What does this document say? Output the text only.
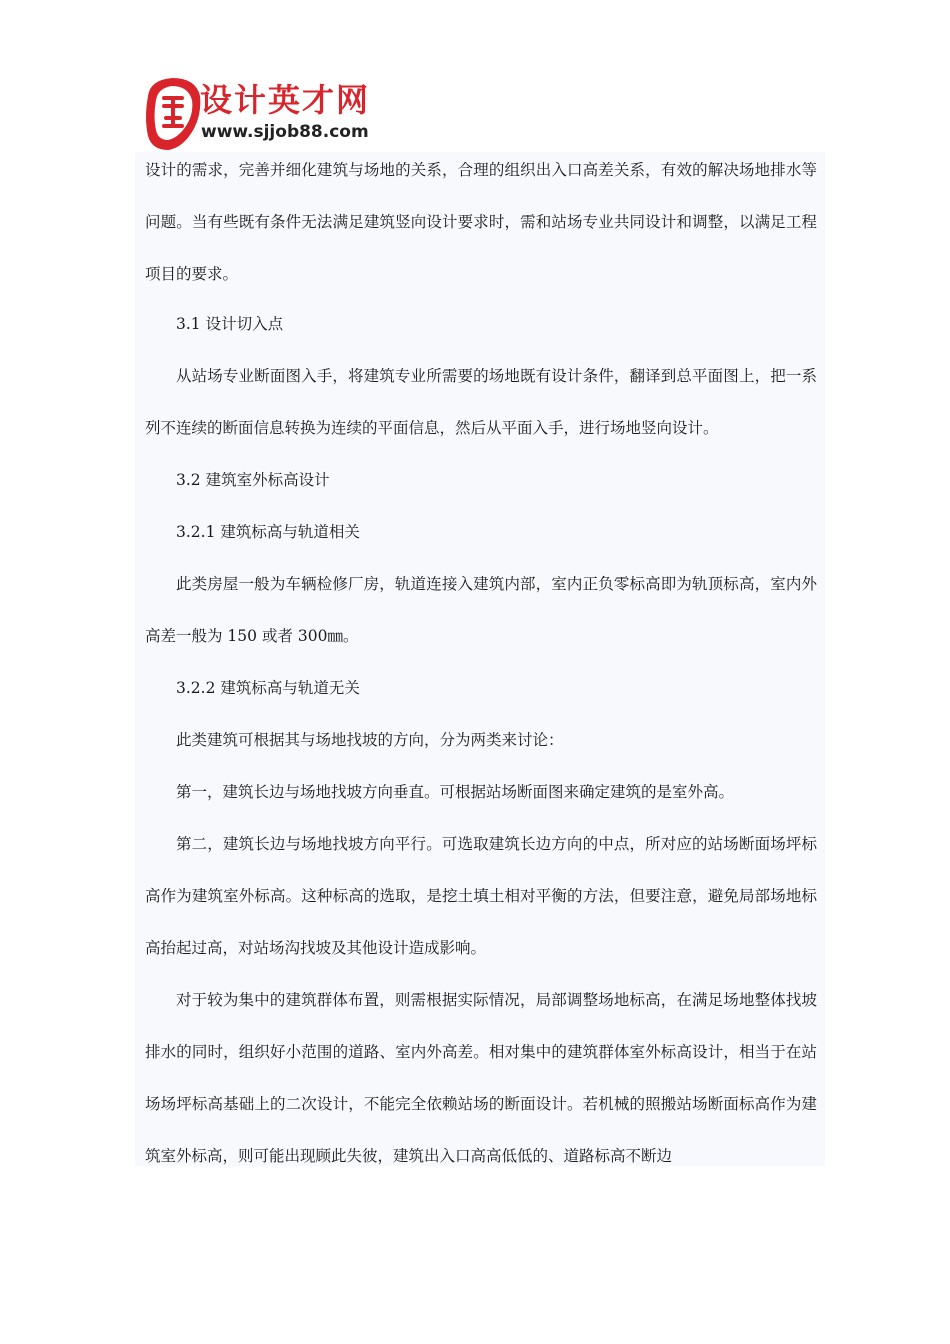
设计英才网
www.sjjob88.com

设计的需求，完善并细化建筑与场地的关系，合理的组织出入口高差关系，有效的解决场地排水等问题。当有些既有条件无法满足建筑竖向设计要求时，需和站场专业共同设计和调整，以满足工程项目的要求。

3.1 设计切入点

从站场专业断面图入手，将建筑专业所需要的场地既有设计条件，翻译到总平面图上，把一系列不连续的断面信息转换为连续的平面信息，然后从平面入手，进行场地竖向设计。

3.2 建筑室外标高设计

3.2.1 建筑标高与轨道相关

此类房屋一般为车辆检修厂房，轨道连接入建筑内部，室内正负零标高即为轨顶标高，室内外高差一般为 150 或者 300㎜。

3.2.2 建筑标高与轨道无关

此类建筑可根据其与场地找坡的方向，分为两类来讨论：

第一，建筑长边与场地找坡方向垂直。可根据站场断面图来确定建筑的是室外高。

第二，建筑长边与场地找坡方向平行。可选取建筑长边方向的中点，所对应的站场断面场坪标高作为建筑室外标高。这种标高的选取，是挖土填土相对平衡的方法，但要注意，避免局部场地标高抬起过高，对站场沟找坡及其他设计造成影响。

对于较为集中的建筑群体布置，则需根据实际情况，局部调整场地标高，在满足场地整体找坡排水的同时，组织好小范围的道路、室内外高差。相对集中的建筑群体室外标高设计，相当于在站场场坪标高基础上的二次设计，不能完全依赖站场的断面设计。若机械的照搬站场断面标高作为建筑室外标高，则可能出现顾此失彼，建筑出入口高高低低的、道路标高不断边
